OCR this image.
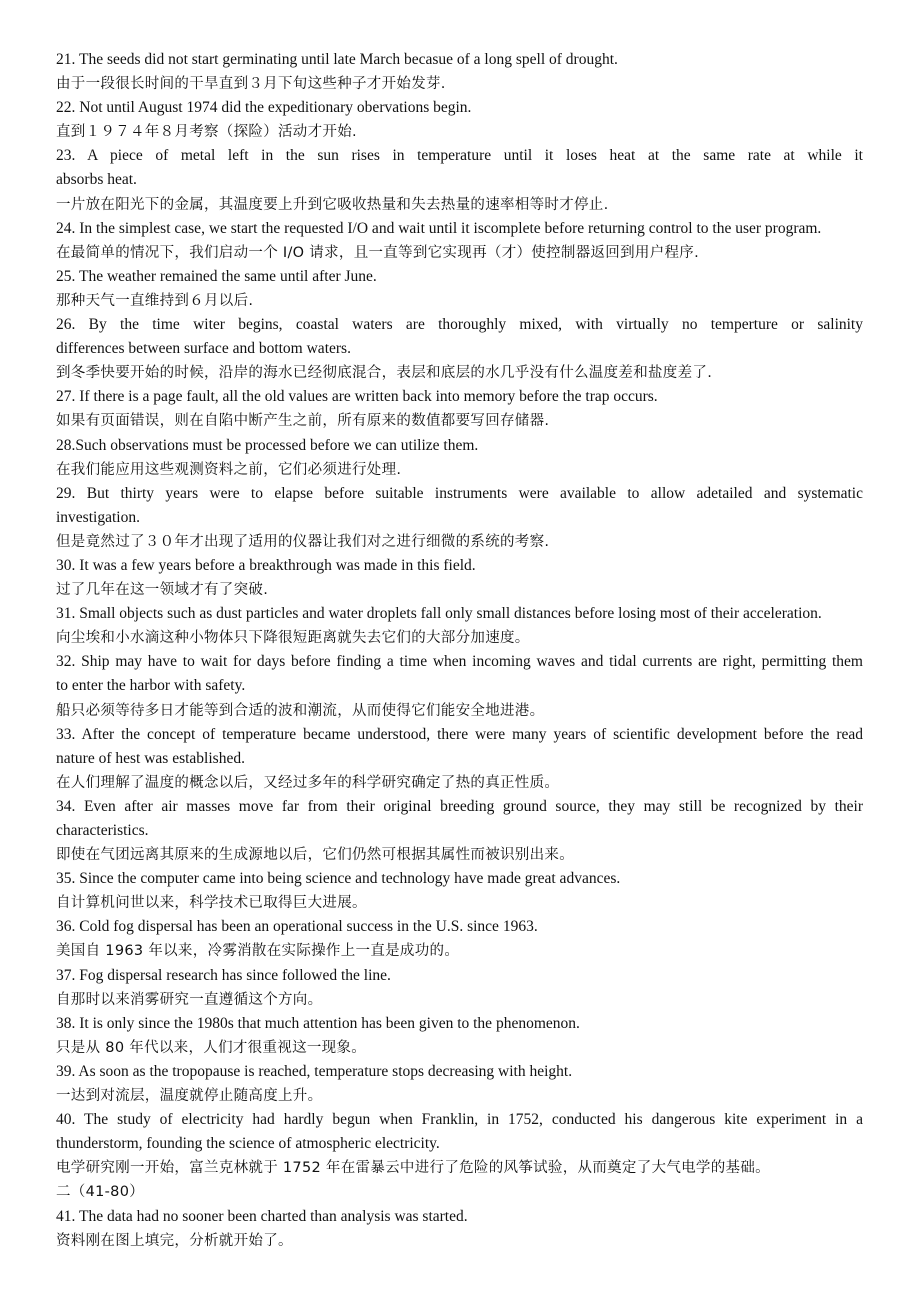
21. The seeds did not start germinating until late March becasue of a long spell of drought.
由于一段很长时间的干旱直到３月下旬这些种子才开始发芽.
22. Not until August 1974 did the expeditionary obervations begin.
直到１９７４年８月考察（探险）活动才开始.
23. A piece of metal left in the sun rises in temperature until it loses heat at the same rate at while it
absorbs heat.
一片放在阳光下的金属，其温度要上升到它吸收热量和失去热量的速率相等时才停止.
24. In the simplest case, we start the requested I/O and wait until it iscomplete before returning control to the user program.
在最简单的情况下，我们启动一个 I/O 请求，且一直等到它实现再（才）使控制器返回到用户程序.
25. The weather remained the same until after June.
那种天气一直维持到６月以后.
26. By the time witer begins, coastal waters are thoroughly mixed, with virtually no temperture or salinity
differences between surface and bottom waters.
到冬季快要开始的时候，沿岸的海水已经彻底混合，表层和底层的水几乎没有什么温度差和盐度差了.
27. If there is a page fault, all the old values are written back into memory before the trap occurs.
如果有页面错误，则在自陷中断产生之前，所有原来的数值都要写回存储器.
28.Such observations must be processed before we can utilize them.
在我们能应用这些观测资料之前，它们必须进行处理.
29. But thirty years were to elapse before suitable instruments were available to allow adetailed and systematic
investigation.
但是竟然过了３０年才出现了适用的仪器让我们对之进行细微的系统的考察.
30. It was a few years before a breakthrough was made in this field.
过了几年在这一领域才有了突破.
31. Small objects such as dust particles and water droplets fall only small distances before losing most of their acceleration.
向尘埃和小水滴这种小物体只下降很短距离就失去它们的大部分加速度。
32. Ship may have to wait for days before finding a time when incoming waves and tidal currents are right, permitting them
to enter the harbor with safety.
船只必须等待多日才能等到合适的波和潮流，从而使得它们能安全地进港。
33. After the concept of temperature became understood, there were many years of scientific development before the read
nature of hest was established.
在人们理解了温度的概念以后，又经过多年的科学研究确定了热的真正性质。
34. Even after air masses move far from their original breeding ground source, they may still be recognized by their
characteristics.
即使在气团远离其原来的生成源地以后，它们仍然可根据其属性而被识别出来。
35. Since the computer came into being science and technology have made great advances.
自计算机问世以来，科学技术已取得巨大进展。
36. Cold fog dispersal has been an operational success in the U.S. since 1963.
美国自 1963 年以来，冷雾消散在实际操作上一直是成功的。
37. Fog dispersal research has since followed the line.
自那时以来消雾研究一直遵循这个方向。
38. It is only since the 1980s that much attention has been given to the phenomenon.
只是从 80 年代以来，人们才很重视这一现象。
39. As soon as the tropopause is reached, temperature stops decreasing with height.
一达到对流层，温度就停止随高度上升。
40. The study of electricity had hardly begun when Franklin, in 1752, conducted his dangerous kite experiment in a
thunderstorm, founding the science of atmospheric electricity.
电学研究刚一开始，富兰克林就于 1752 年在雷暴云中进行了危险的风筝试验，从而奠定了大气电学的基础。
二（41-80）
41. The data had no sooner been charted than analysis was started.
资料刚在图上填完，分析就开始了。
